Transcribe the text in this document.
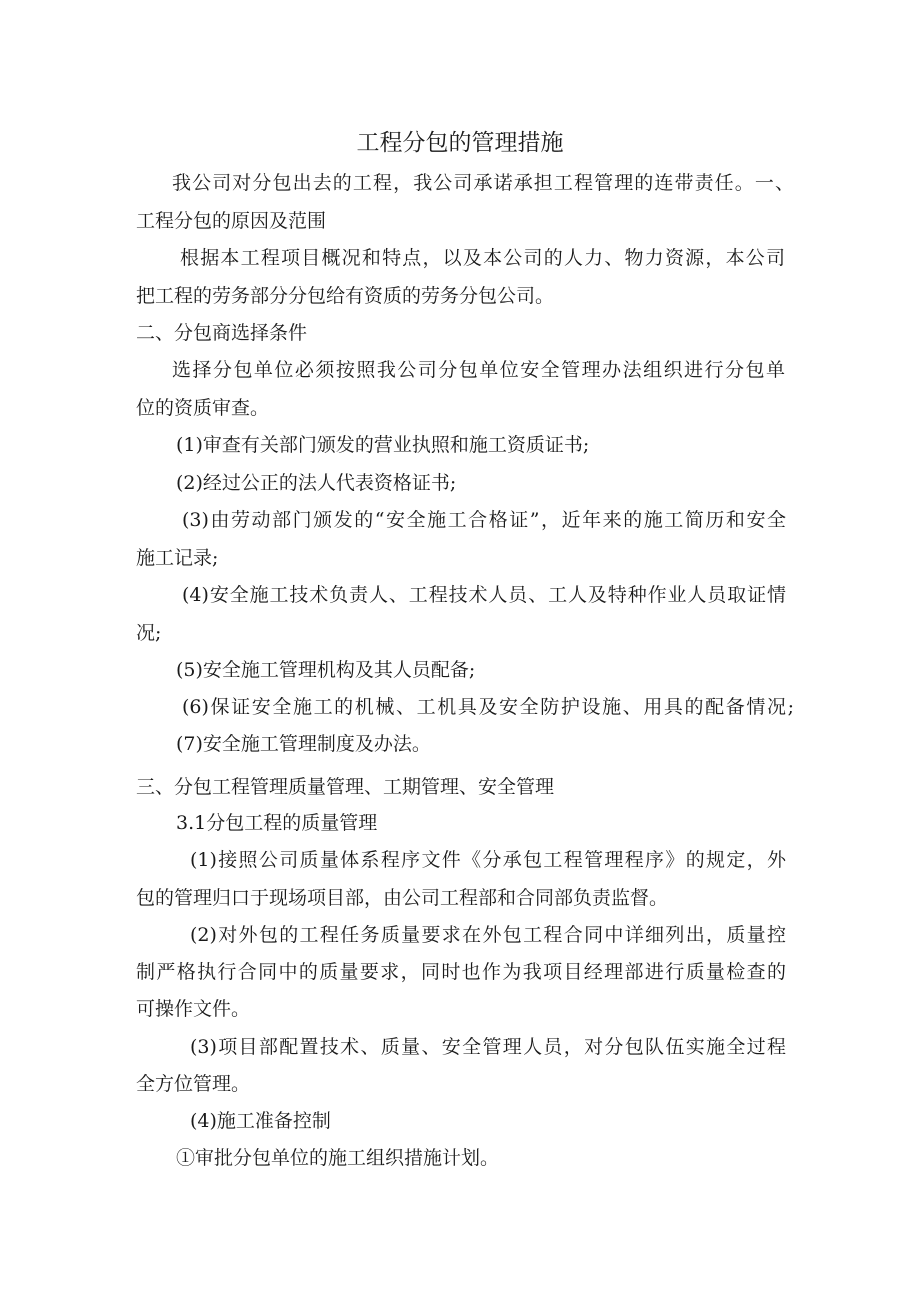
工程分包的管理措施
我公司对分包出去的工程，我公司承诺承担工程管理的连带责任。一、
工程分包的原因及范围
根据本工程项目概况和特点，以及本公司的人力、物力资源，本公司
把工程的劳务部分分包给有资质的劳务分包公司。
二、分包商选择条件
选择分包单位必须按照我公司分包单位安全管理办法组织进行分包单
位的资质审查。
(1)审查有关部门颁发的营业执照和施工资质证书;
(2)经过公正的法人代表资格证书;
(3)由劳动部门颁发的“安全施工合格证”，近年来的施工简历和安全
施工记录;
(4)安全施工技术负责人、工程技术人员、工人及特种作业人员取证情
况;
(5)安全施工管理机构及其人员配备;
(6)保证安全施工的机械、工机具及安全防护设施、用具的配备情况;
(7)安全施工管理制度及办法。
三、分包工程管理质量管理、工期管理、安全管理
3.1分包工程的质量管理
(1)接照公司质量体系程序文件《分承包工程管理程序》的规定，外
包的管理归口于现场项目部，由公司工程部和合同部负责监督。
(2)对外包的工程任务质量要求在外包工程合同中详细列出，质量控
制严格执行合同中的质量要求，同时也作为我项目经理部进行质量检查的
可操作文件。
(3)项目部配置技术、质量、安全管理人员，对分包队伍实施全过程
全方位管理。
(4)施工准备控制
①审批分包单位的施工组织措施计划。
